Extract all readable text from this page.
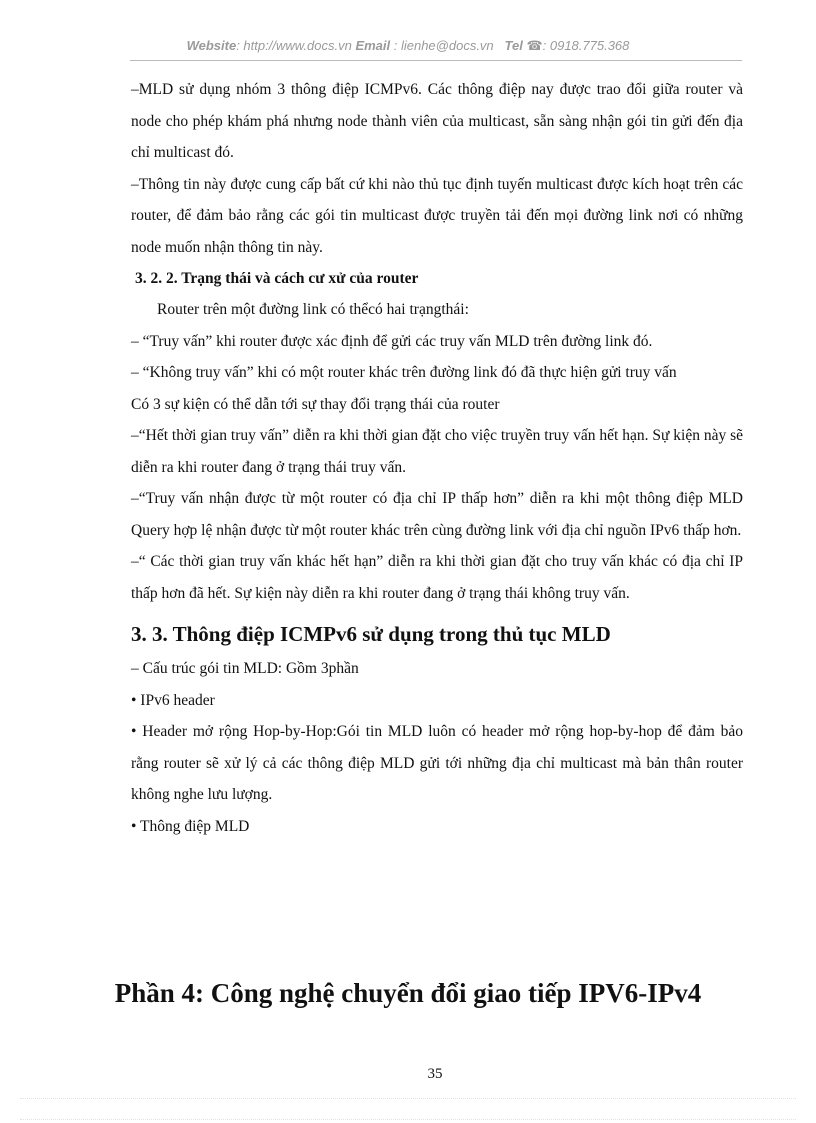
Website: http://www.docs.vn Email : lienhe@docs.vn Tel ☎: 0918.775.368

–MLD sử dụng nhóm 3 thông điệp ICMPv6. Các thông điệp nay được trao đổi giữa router và node cho phép khám phá nhưng node thành viên của multicast, sẵn sàng nhận gói tin gửi đến địa chỉ multicast đó.

–Thông tin này được cung cấp bất cứ khi nào thủ tục định tuyến multicast được kích hoạt trên các router, để đảm bảo rằng các gói tin multicast được truyền tải đến mọi đường link nơi có những node muốn nhận thông tin này.

3. 2. 2. Trạng thái và cách cư xử của router

Router trên một đường link có thểcó hai trạngthái:

– “Truy vấn” khi router được xác định để gửi các truy vấn MLD trên đường link đó.

– “Không truy vấn” khi có một router khác trên đường link đó đã thực hiện gửi truy vấn

Có 3 sự kiện có thể dẫn tới sự thay đổi trạng thái của router

–“Hết thời gian truy vấn” diễn ra khi thời gian đặt cho việc truyền truy vấn hết hạn. Sự kiện này sẽ diễn ra khi router đang ở trạng thái truy vấn.

–“Truy vấn nhận được từ một router có địa chỉ IP thấp hơn” diễn ra khi một thông điệp MLD Query hợp lệ nhận được từ một router khác trên cùng đường link với địa chỉ nguồn IPv6 thấp hơn.

–“ Các thời gian truy vấn khác hết hạn” diễn ra khi thời gian đặt cho truy vấn khác có địa chỉ IP thấp hơn đã hết. Sự kiện này diễn ra khi router đang ở trạng thái không truy vấn.

3. 3. Thông điệp ICMPv6 sử dụng trong thủ tục MLD

– Cấu trúc gói tin MLD: Gồm 3phần

• IPv6 header

• Header mở rộng Hop-by-Hop:Gói tin MLD luôn có header mở rộng hop-by-hop để đảm bảo rằng router sẽ xử lý cả các thông điệp MLD gửi tới những địa chỉ multicast mà bản thân router không nghe lưu lượng.

• Thông điệp MLD

Phần 4: Công nghệ chuyển đổi giao tiếp IPV6-IPv4
35
